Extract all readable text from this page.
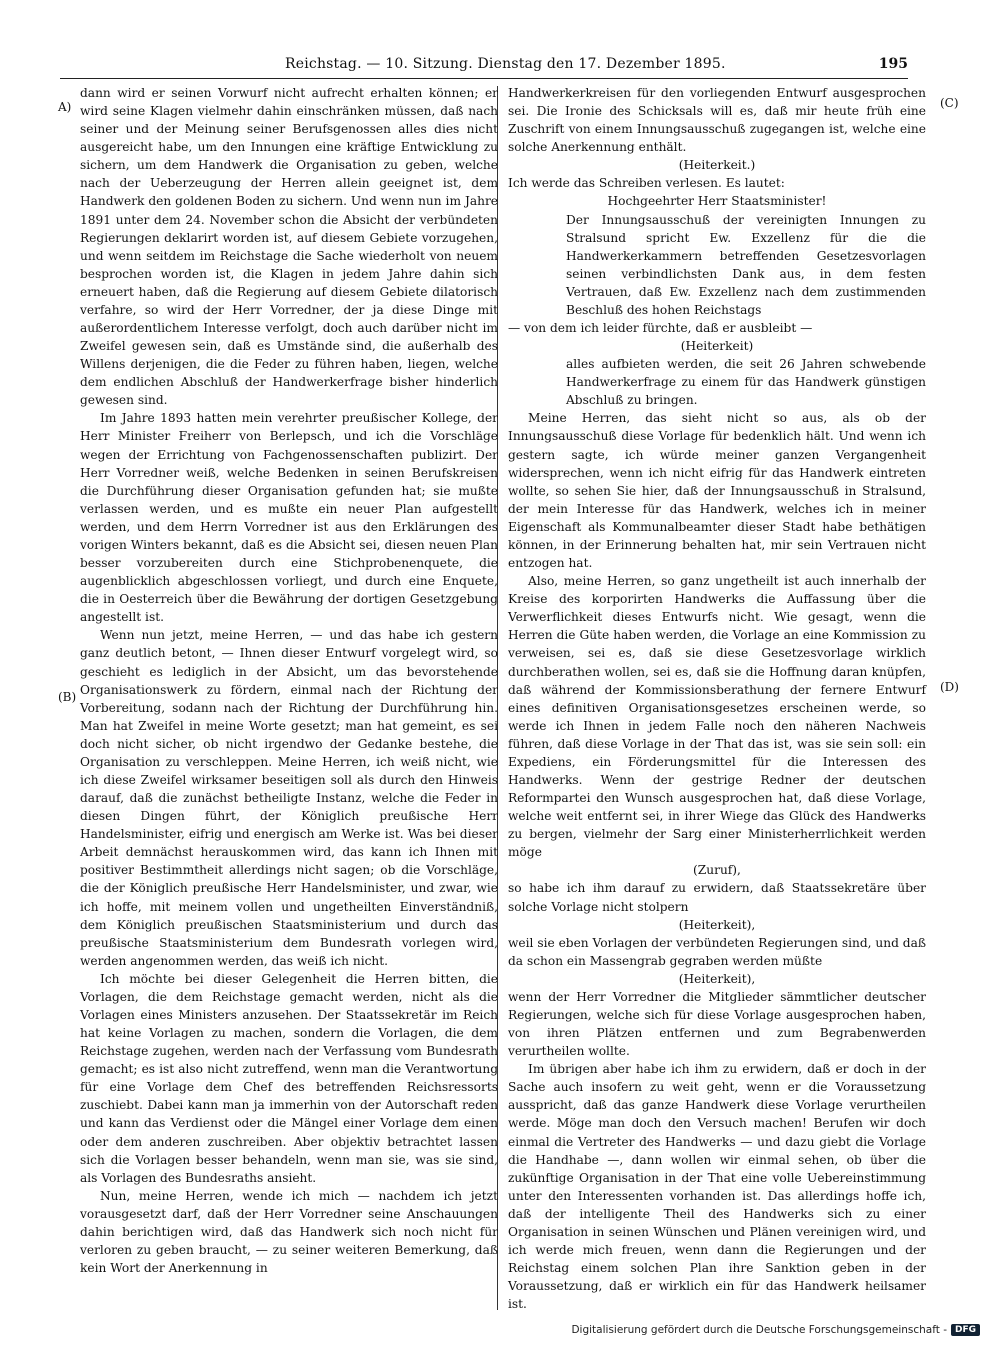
Reichstag. — 10. Sitzung. Dienstag den 17. Dezember 1895.	195
A)
(B)
(C)
(D)

dann wird er seinen Vorwurf nicht aufrecht erhalten können; er wird seine Klagen vielmehr dahin einschränken müssen, daß nach seiner und der Meinung seiner Berufsgenossen alles dies nicht ausgereicht habe, um den Innungen eine kräftige Entwicklung zu sichern, um dem Handwerk die Organisation zu geben, welche nach der Ueberzeugung der Herren allein geeignet ist, dem Handwerk den goldenen Boden zu sichern. Und wenn nun im Jahre 1891 unter dem 24. November schon die Absicht der verbündeten Regierungen deklarirt worden ist, auf diesem Gebiete vorzugehen, und wenn seitdem im Reichstage die Sache wiederholt von neuem besprochen worden ist, die Klagen in jedem Jahre dahin sich erneuert haben, daß die Regierung auf diesem Gebiete dilatorisch verfahre, so wird der Herr Vorredner, der ja diese Dinge mit außerordentlichem Interesse verfolgt, doch auch darüber nicht im Zweifel gewesen sein, daß es Umstände sind, die außerhalb des Willens derjenigen, die die Feder zu führen haben, liegen, welche dem endlichen Abschluß der Handwerkerfrage bisher hinderlich gewesen sind.

Im Jahre 1893 hatten mein verehrter preußischer Kollege, der Herr Minister Freiherr von Berlepsch, und ich die Vorschläge wegen der Errichtung von Fachgenossenschaften publizirt. Der Herr Vorredner weiß, welche Bedenken in seinen Berufskreisen die Durchführung dieser Organisation gefunden hat; sie mußte verlassen werden, und es mußte ein neuer Plan aufgestellt werden, und dem Herrn Vorredner ist aus den Erklärungen des vorigen Winters bekannt, daß es die Absicht sei, diesen neuen Plan besser vorzubereiten durch eine Stichprobenenquete, die augenblicklich abgeschlossen vorliegt, und durch eine Enquete, die in Oesterreich über die Bewährung der dortigen Gesetzgebung angestellt ist.

Wenn nun jetzt, meine Herren, — und das habe ich gestern ganz deutlich betont, — Ihnen dieser Entwurf vorgelegt wird, so geschieht es lediglich in der Absicht, um das bevorstehende Organisationswerk zu fördern, einmal nach der Richtung der Vorbereitung, sodann nach der Richtung der Durchführung hin. Man hat Zweifel in meine Worte gesetzt; man hat gemeint, es sei doch nicht sicher, ob nicht irgendwo der Gedanke bestehe, die Organisation zu verschleppen. Meine Herren, ich weiß nicht, wie ich diese Zweifel wirksamer beseitigen soll als durch den Hinweis darauf, daß die zunächst betheiligte Instanz, welche die Feder in diesen Dingen führt, der Königlich preußische Herr Handelsminister, eifrig und energisch am Werke ist. Was bei dieser Arbeit demnächst herauskommen wird, das kann ich Ihnen mit positiver Bestimmtheit allerdings nicht sagen; ob die Vorschläge, die der Königlich preußische Herr Handelsminister, und zwar, wie ich hoffe, mit meinem vollen und ungetheilten Einverständniß, dem Königlich preußischen Staatsministerium und durch das preußische Staatsministerium dem Bundesrath vorlegen wird, werden angenommen werden, das weiß ich nicht.

Ich möchte bei dieser Gelegenheit die Herren bitten, die Vorlagen, die dem Reichstage gemacht werden, nicht als die Vorlagen eines Ministers anzusehen. Der Staatssekretär im Reich hat keine Vorlagen zu machen, sondern die Vorlagen, die dem Reichstage zugehen, werden nach der Verfassung vom Bundesrath gemacht; es ist also nicht zutreffend, wenn man die Verantwortung für eine Vorlage dem Chef des betreffenden Reichsressorts zuschiebt. Dabei kann man ja immerhin von der Autorschaft reden und kann das Verdienst oder die Mängel einer Vorlage dem einen oder dem anderen zuschreiben. Aber objektiv betrachtet lassen sich die Vorlagen besser behandeln, wenn man sie, was sie sind, als Vorlagen des Bundesraths ansieht.

Nun, meine Herren, wende ich mich — nachdem ich jetzt vorausgesetzt darf, daß der Herr Vorredner seine Anschauungen dahin berichtigen wird, daß das Handwerk sich noch nicht für verloren zu geben braucht, — zu seiner weiteren Bemerkung, daß kein Wort der Anerkennung in

Handwerkerkreisen für den vorliegenden Entwurf ausgesprochen sei. Die Ironie des Schicksals will es, daß mir heute früh eine Zuschrift von einem Innungsausschuß zugegangen ist, welche eine solche Anerkennung enthält.

(Heiterkeit.)

Ich werde das Schreiben verlesen. Es lautet:

Hochgeehrter Herr Staatsminister!

Der Innungsausschuß der vereinigten Innungen zu Stralsund spricht Ew. Exzellenz für die die Handwerkerkammern betreffenden Gesetzesvorlagen seinen verbindlichsten Dank aus, in dem festen Vertrauen, daß Ew. Exzellenz nach dem zustimmenden Beschluß des hohen Reichstags

— von dem ich leider fürchte, daß er ausbleibt —

(Heiterkeit)

alles aufbieten werden, die seit 26 Jahren schwebende Handwerkerfrage zu einem für das Handwerk günstigen Abschluß zu bringen.

Meine Herren, das sieht nicht so aus, als ob der Innungsausschuß diese Vorlage für bedenklich hält. Und wenn ich gestern sagte, ich würde meiner ganzen Vergangenheit widersprechen, wenn ich nicht eifrig für das Handwerk eintreten wollte, so sehen Sie hier, daß der Innungsausschuß in Stralsund, der mein Interesse für das Handwerk, welches ich in meiner Eigenschaft als Kommunalbeamter dieser Stadt habe bethätigen können, in der Erinnerung behalten hat, mir sein Vertrauen nicht entzogen hat.

Also, meine Herren, so ganz ungetheilt ist auch innerhalb der Kreise des korporirten Handwerks die Auffassung über die Verwerflichkeit dieses Entwurfs nicht. Wie gesagt, wenn die Herren die Güte haben werden, die Vorlage an eine Kommission zu verweisen, sei es, daß sie diese Gesetzesvorlage wirklich durchberathen wollen, sei es, daß sie die Hoffnung daran knüpfen, daß während der Kommissionsberathung der fernere Entwurf eines definitiven Organisationsgesetzes erscheinen werde, so werde ich Ihnen in jedem Falle noch den näheren Nachweis führen, daß diese Vorlage in der That das ist, was sie sein soll: ein Expediens, ein Förderungsmittel für die Interessen des Handwerks. Wenn der gestrige Redner der deutschen Reformpartei den Wunsch ausgesprochen hat, daß diese Vorlage, welche weit entfernt sei, in ihrer Wiege das Glück des Handwerks zu bergen, vielmehr der Sarg einer Ministerherrlichkeit werden möge

(Zuruf),

so habe ich ihm darauf zu erwidern, daß Staatssekretäre über solche Vorlage nicht stolpern

(Heiterkeit),

weil sie eben Vorlagen der verbündeten Regierungen sind, und daß da schon ein Massengrab gegraben werden müßte

(Heiterkeit),

wenn der Herr Vorredner die Mitglieder sämmtlicher deutscher Regierungen, welche sich für diese Vorlage ausgesprochen haben, von ihren Plätzen entfernen und zum Begrabenwerden verurtheilen wollte.

Im übrigen aber habe ich ihm zu erwidern, daß er doch in der Sache auch insofern zu weit geht, wenn er die Voraussetzung ausspricht, daß das ganze Handwerk diese Vorlage verurtheilen werde. Möge man doch den Versuch machen! Berufen wir doch einmal die Vertreter des Handwerks — und dazu giebt die Vorlage die Handhabe —, dann wollen wir einmal sehen, ob über die zukünftige Organisation in der That eine volle Uebereinstimmung unter den Interessenten vorhanden ist. Das allerdings hoffe ich, daß der intelligente Theil des Handwerks sich zu einer Organisation in seinen Wünschen und Plänen vereinigen wird, und ich werde mich freuen, wenn dann die Regierungen und der Reichstag einem solchen Plan ihre Sanktion geben in der Voraussetzung, daß er wirklich ein für das Handwerk heilsamer ist.

Digitalisierung gefördert durch die Deutsche Forschungsgemeinschaft - DFG
